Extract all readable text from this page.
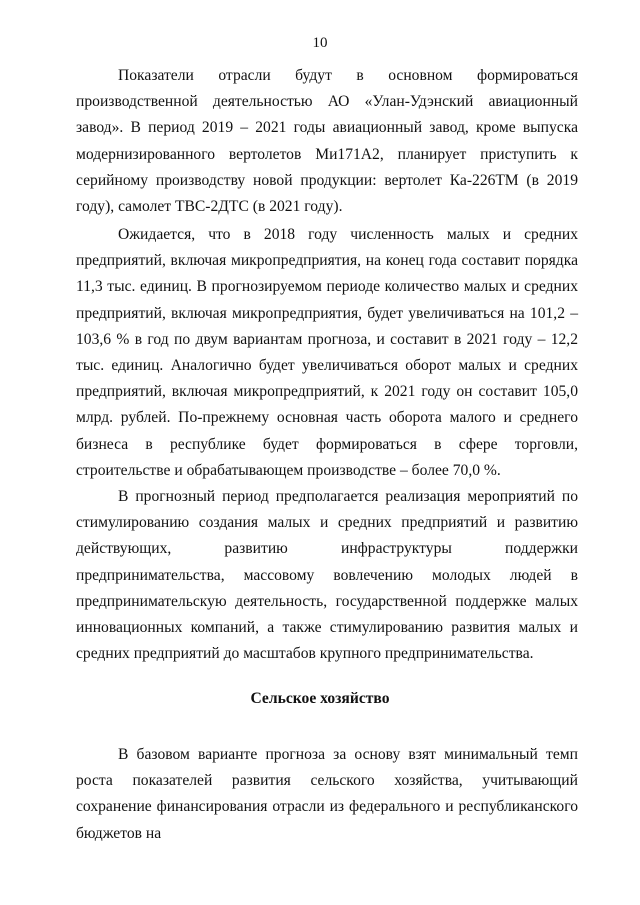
10

Показатели отрасли будут в основном формироваться производственной деятельностью АО «Улан-Удэнский авиационный завод». В период 2019 – 2021 годы авиационный завод, кроме выпуска модернизированного вертолетов Ми171А2, планирует приступить к серийному производству новой продукции: вертолет Ка-226ТМ (в 2019 году), самолет ТВС-2ДТС (в 2021 году).

Ожидается, что в 2018 году численность малых и средних предприятий, включая микропредприятия, на конец года составит порядка 11,3 тыс. единиц. В прогнозируемом периоде количество малых и средних предприятий, включая микропредприятия, будет увеличиваться на 101,2 – 103,6 % в год по двум вариантам прогноза, и составит в 2021 году – 12,2 тыс. единиц. Аналогично будет увеличиваться оборот малых и средних предприятий, включая микропредприятий, к 2021 году он составит 105,0 млрд. рублей. По-прежнему основная часть оборота малого и среднего бизнеса в республике будет формироваться в сфере торговли, строительстве и обрабатывающем производстве – более 70,0 %.

В прогнозный период предполагается реализация мероприятий по стимулированию создания малых и средних предприятий и развитию действующих, развитию инфраструктуры поддержки предпринимательства, массовому вовлечению молодых людей в предпринимательскую деятельность, государственной поддержке малых инновационных компаний, а также стимулированию развития малых и средних предприятий до масштабов крупного предпринимательства.

Сельское хозяйство

В базовом варианте прогноза за основу взят минимальный темп роста показателей развития сельского хозяйства, учитывающий сохранение финансирования отрасли из федерального и республиканского бюджетов на
